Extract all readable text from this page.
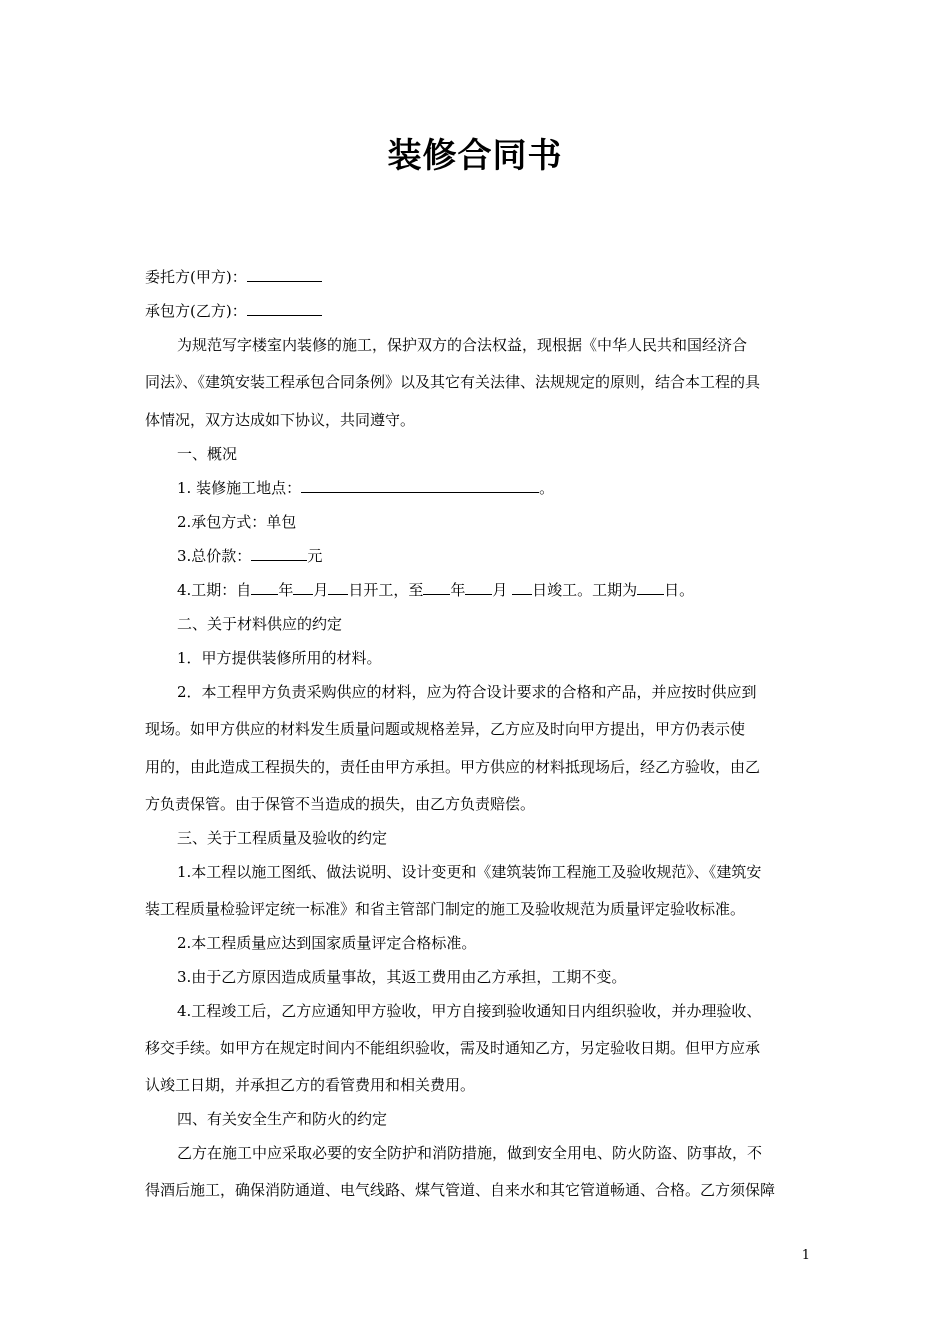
装修合同书
委托方(甲方)：
承包方(乙方)：
为规范写字楼室内装修的施工，保护双方的合法权益，现根据《中华人民共和国经济合
同法》、《建筑安装工程承包合同条例》以及其它有关法律、法规规定的原则，结合本工程的具
体情况，双方达成如下协议，共同遵守。
一、概况
1. 装修施工地点：	。
2.承包方式：单包
3.总价款：	元
4.工期：自 年 月 日开工，至 年 月 日竣工。工期为 日。
二、关于材料供应的约定
1．甲方提供装修所用的材料。
2．本工程甲方负责采购供应的材料，应为符合设计要求的合格和产品，并应按时供应到
现场。如甲方供应的材料发生质量问题或规格差异，乙方应及时向甲方提出，甲方仍表示使
用的，由此造成工程损失的，责任由甲方承担。甲方供应的材料抵现场后，经乙方验收，由乙
方负责保管。由于保管不当造成的损失，由乙方负责赔偿。
三、关于工程质量及验收的约定
1.本工程以施工图纸、做法说明、设计变更和《建筑装饰工程施工及验收规范》、《建筑安
装工程质量检验评定统一标准》和省主管部门制定的施工及验收规范为质量评定验收标准。
2.本工程质量应达到国家质量评定合格标准。
3.由于乙方原因造成质量事故，其返工费用由乙方承担，工期不变。
4.工程竣工后，乙方应通知甲方验收，甲方自接到验收通知日内组织验收，并办理验收、
移交手续。如甲方在规定时间内不能组织验收，需及时通知乙方，另定验收日期。但甲方应承
认竣工日期，并承担乙方的看管费用和相关费用。
四、有关安全生产和防火的约定
乙方在施工中应采取必要的安全防护和消防措施，做到安全用电、防火防盗、防事故，不
得酒后施工，确保消防通道、电气线路、煤气管道、自来水和其它管道畅通、合格。乙方须保障
1
